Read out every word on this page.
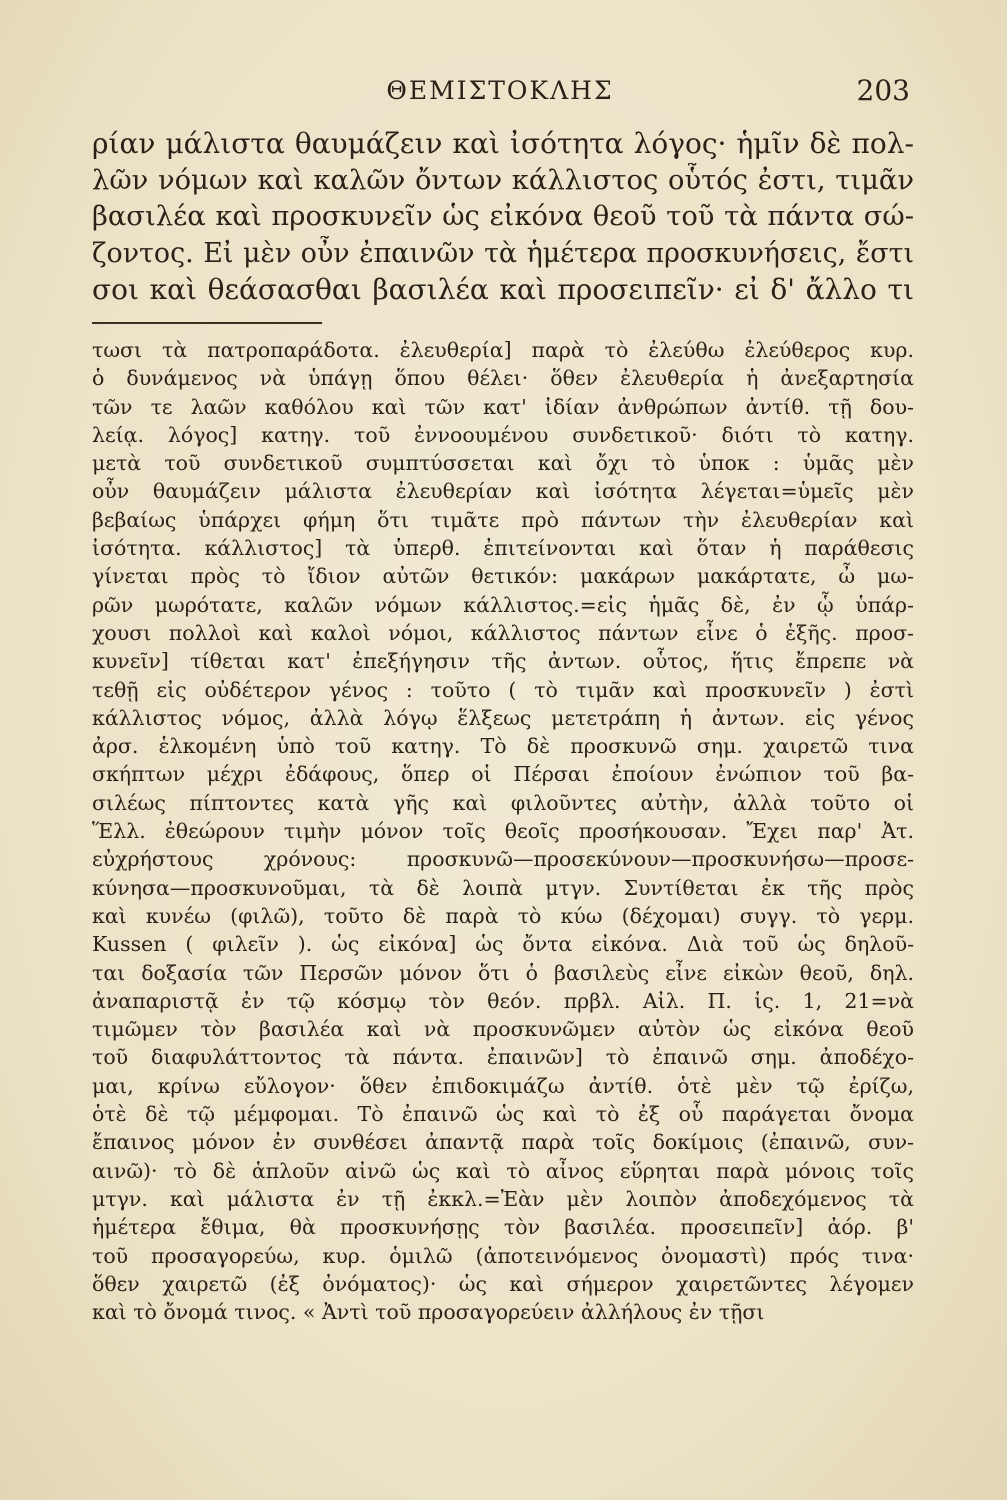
ΘΕΜΙΣΤΟΚΛΗΣ	203
ρίαν μάλιστα θαυμάζειν καὶ ἰσότητα λόγος· ἡμῖν δὲ πολ-
λῶν νόμων καὶ καλῶν ὄντων κάλλιστος οὗτός ἐστι, τιμᾶν
βασιλέα καὶ προσκυνεῖν ὡς εἰκόνα θεοῦ τοῦ τὰ πάντα σώ-
ζοντος. Εἰ μὲν οὖν ἐπαινῶν τὰ ἡμέτερα προσκυνήσεις, ἔστι
σοι καὶ θεάσασθαι βασιλέα καὶ προσειπεῖν· εἰ δ' ἄλλο τι
τωσι τὰ πατροπαράδοτα. ἐλευθερία] παρὰ τὸ ἐλεύθω ἐλεύθερος κυρ.
ὁ δυνάμενος νὰ ὑπάγῃ ὅπου θέλει· ὅθεν ἐλευθερία ἡ ἀνεξαρτησία
τῶν τε λαῶν καθόλου καὶ τῶν κατ' ἰδίαν ἀνθρώπων ἀντίθ. τῇ δου-
λείᾳ. λόγος] κατηγ. τοῦ ἐννοουμένου συνδετικοῦ· διότι τὸ κατηγ.
μετὰ τοῦ συνδετικοῦ συμπτύσσεται καὶ ὄχι τὸ ὑποκ : ὑμᾶς μὲν
οὖν θαυμάζειν μάλιστα ἐλευθερίαν καὶ ἰσότητα λέγεται=ὑμεῖς μὲν
βεβαίως ὑπάρχει φήμη ὅτι τιμᾶτε πρὸ πάντων τὴν ἐλευθερίαν καὶ
ἰσότητα. κάλλιστος] τὰ ὑπερθ. ἐπιτείνονται καὶ ὅταν ἡ παράθεσις
γίνεται πρὸς τὸ ἴδιον αὐτῶν θετικόν: μακάρων μακάρτατε, ὦ μω-
ρῶν μωρότατε, καλῶν νόμων κάλλιστος.=εἰς ἡμᾶς δὲ, ἐν ᾧ ὑπάρ-
χουσι πολλοὶ καὶ καλοὶ νόμοι, κάλλιστος πάντων εἶνε ὁ ἑξῆς. προσ-
κυνεῖν] τίθεται κατ' ἐπεξήγησιν τῆς ἀντων. οὗτος, ἥτις ἔπρεπε νὰ
τεθῇ εἰς οὐδέτερον γένος : τοῦτο ( τὸ τιμᾶν καὶ προσκυνεῖν ) ἐστὶ
κάλλιστος νόμος, ἀλλὰ λόγῳ ἕλξεως μετετράπη ἡ ἀντων. εἰς γένος
ἀρσ. ἑλκομένη ὑπὸ τοῦ κατηγ. Τὸ δὲ προσκυνῶ σημ. χαιρετῶ τινα
σκήπτων μέχρι ἐδάφους, ὅπερ οἱ Πέρσαι ἐποίουν ἐνώπιον τοῦ βα-
σιλέως πίπτοντες κατὰ γῆς καὶ φιλοῦντες αὐτὴν, ἀλλὰ τοῦτο οἱ
Ἕλλ. ἐθεώρουν τιμὴν μόνον τοῖς θεοῖς προσήκουσαν. Ἔχει παρ' Ἀτ.
εὐχρήστους χρόνους: προσκυνῶ—προσεκύνουν—προσκυνήσω—προσε-
κύνησα—προσκυνοῦμαι, τὰ δὲ λοιπὰ μτγν. Συντίθεται ἐκ τῆς πρὸς
καὶ κυνέω (φιλῶ), τοῦτο δὲ παρὰ τὸ κύω (δέχομαι) συγγ. τὸ γερμ.
Kussen ( φιλεῖν ). ὡς εἰκόνα] ὡς ὄντα εἰκόνα. Διὰ τοῦ ὡς δηλοῦ-
ται δοξασία τῶν Περσῶν μόνον ὅτι ὁ βασιλεὺς εἶνε εἰκὼν θεοῦ, δηλ.
ἀναπαριστᾷ ἐν τῷ κόσμῳ τὸν θεόν. πρβλ. Αἰλ. Π. ἱς. 1, 21=νὰ
τιμῶμεν τὸν βασιλέα καὶ νὰ προσκυνῶμεν αὐτὸν ὡς εἰκόνα θεοῦ
τοῦ διαφυλάττοντος τὰ πάντα. ἐπαινῶν] τὸ ἐπαινῶ σημ. ἀποδέχο-
μαι, κρίνω εὔλογον· ὅθεν ἐπιδοκιμάζω ἀντίθ. ὁτὲ μὲν τῷ ἐρίζω,
ὁτὲ δὲ τῷ μέμφομαι. Τὸ ἐπαινῶ ὡς καὶ τὸ ἐξ οὗ παράγεται ὄνομα
ἔπαινος μόνον ἐν συνθέσει ἀπαντᾷ παρὰ τοῖς δοκίμοις (ἐπαινῶ, συν-
αινῶ)· τὸ δὲ ἁπλοῦν αἰνῶ ὡς καὶ τὸ αἶνος εὕρηται παρὰ μόνοις τοῖς
μτγν. καὶ μάλιστα ἐν τῇ ἐκκλ.=Ἐὰν μὲν λοιπὸν ἀποδεχόμενος τὰ
ἡμέτερα ἔθιμα, θὰ προσκυνήσῃς τὸν βασιλέα. προσειπεῖν] ἀόρ. β'
τοῦ προσαγορεύω, κυρ. ὁμιλῶ (ἀποτεινόμενος ὀνομαστὶ) πρός τινα·
ὅθεν χαιρετῶ (ἐξ ὀνόματος)· ὡς καὶ σήμερον χαιρετῶντες λέγομεν
καὶ τὸ ὄνομά τινος. « Ἀντὶ τοῦ προσαγορεύειν ἀλλήλους ἐν τῇσι
